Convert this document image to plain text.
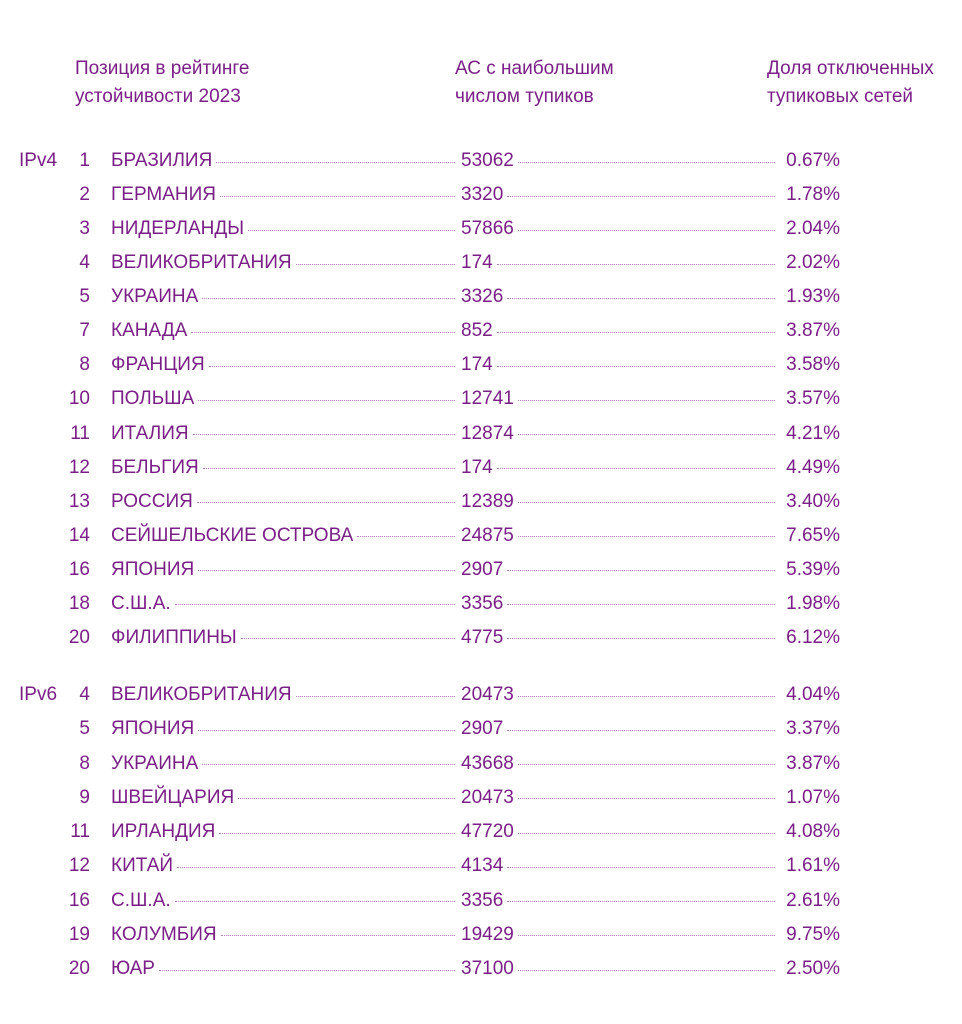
Позиция в рейтинге
устойчивости 2023
АС с наибольшим
числом тупиков
Доля отключенных
тупиковых сетей
IPv4	1 БРАЗИЛИЯ	53062	0.67%
2 ГЕРМАНИЯ	3320	1.78%
3 НИДЕРЛАНДЫ	57866	2.04%
4 ВЕЛИКОБРИТАНИЯ	174	2.02%
5 УКРАИНА	3326	1.93%
7 КАНАДА	852	3.87%
8 ФРАНЦИЯ	174	3.58%
10 ПОЛЬША	12741	3.57%
11 ИТАЛИЯ	12874	4.21%
12 БЕЛЬГИЯ	174	4.49%
13 РОССИЯ	12389	3.40%
14 СЕЙШЕЛЬСКИЕ ОСТРОВА	24875	7.65%
16 ЯПОНИЯ	2907	5.39%
18 С.Ш.А.	3356	1.98%
20 ФИЛИППИНЫ	4775	6.12%
IPv6	4 ВЕЛИКОБРИТАНИЯ	20473	4.04%
5 ЯПОНИЯ	2907	3.37%
8 УКРАИНА	43668	3.87%
9 ШВЕЙЦАРИЯ	20473	1.07%
11 ИРЛАНДИЯ	47720	4.08%
12 КИТАЙ	4134	1.61%
16 С.Ш.А.	3356	2.61%
19 КОЛУМБИЯ	19429	9.75%
20 ЮАР	37100	2.50%
